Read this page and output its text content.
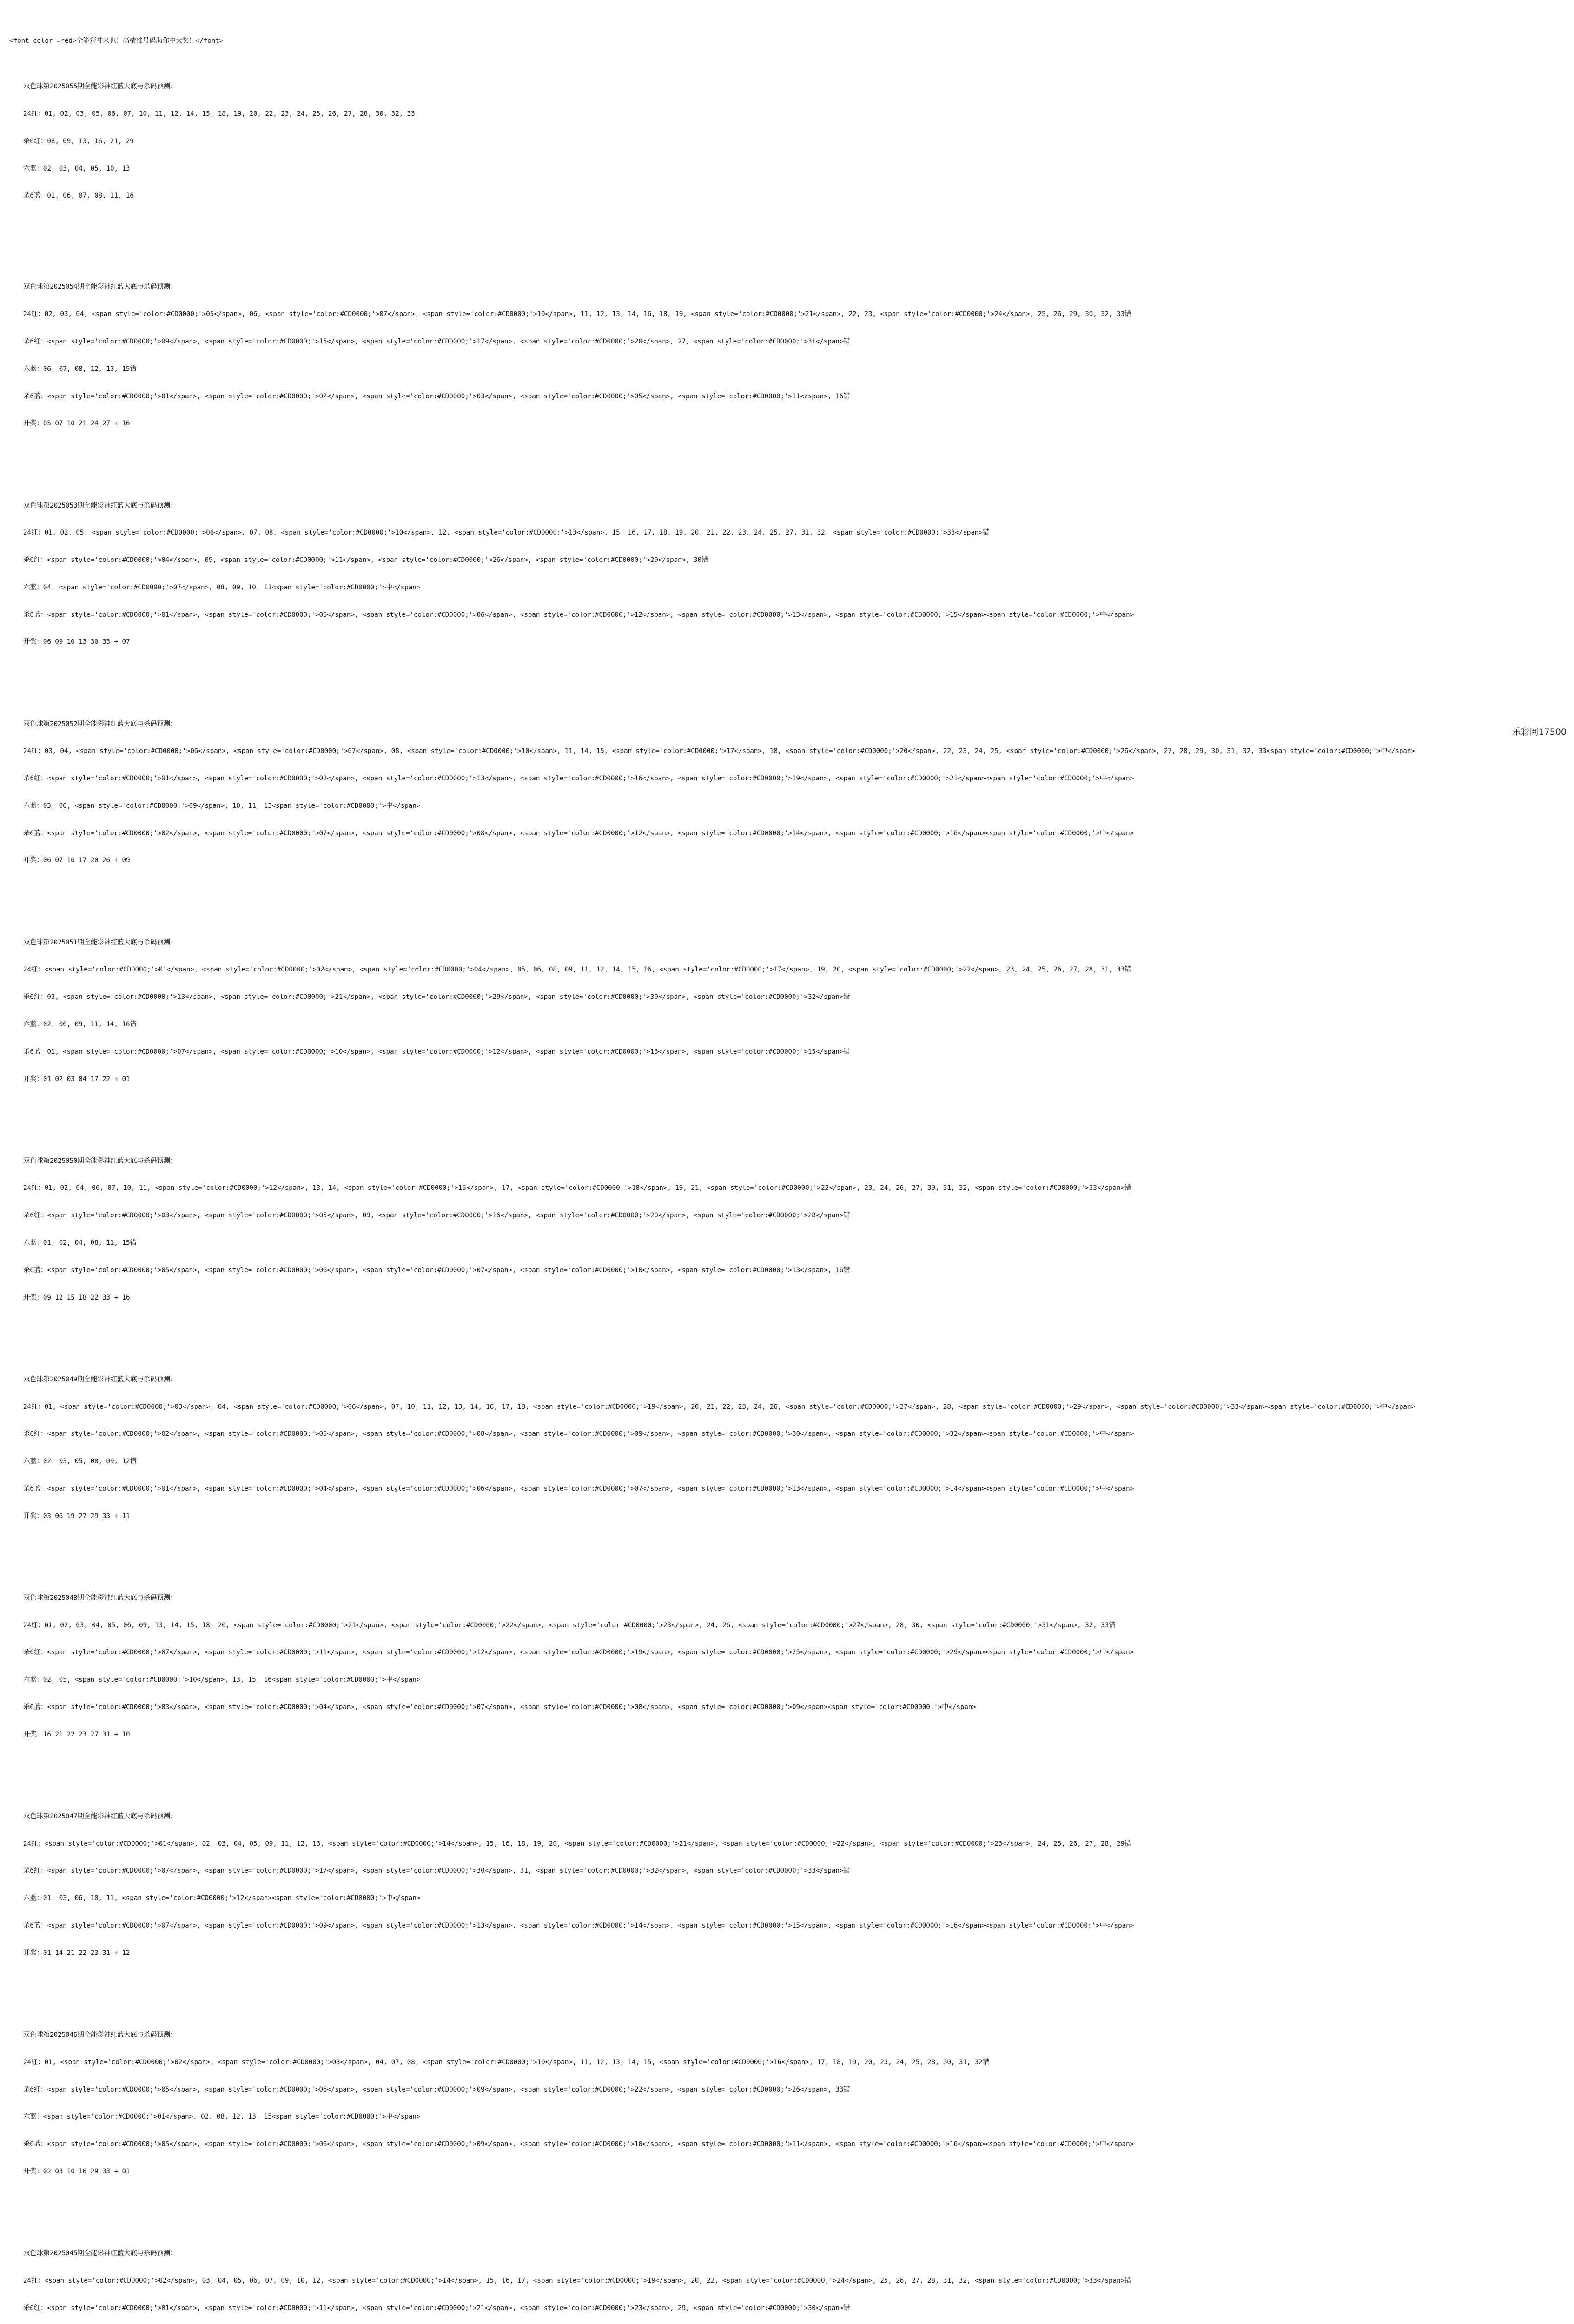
<font color =red>全能彩神来也！高精准号码助你中大奖！</font>

双色球第2025055期全能彩神红蓝大底与杀码预测：

24红：01, 02, 03, 05, 06, 07, 10, 11, 12, 14, 15, 18, 19, 20, 22, 23, 24, 25, 26, 27, 28, 30, 32, 33

杀6红：08, 09, 13, 16, 21, 29

六蓝：02, 03, 04, 05, 10, 13

杀6蓝：01, 06, 07, 08, 11, 16

双色球第2025054期全能彩神红蓝大底与杀码预测：

24红：02, 03, 04, <span style='color:#CD0000;'>05</span>, 06, <span style='color:#CD0000;'>07</span>, <span style='color:#CD0000;'>10</span>, 11, 12, 13, 14, 16, 18, 19, <span style='color:#CD0000;'>21</span>, 22, 23, <span style='color:#CD0000;'>24</span>, 25, 26, 29, 30, 32, 33错

杀6红：<span style='color:#CD0000;'>09</span>, <span style='color:#CD0000;'>15</span>, <span style='color:#CD0000;'>17</span>, <span style='color:#CD0000;'>20</span>, 27, <span style='color:#CD0000;'>31</span>错

六蓝：06, 07, 08, 12, 13, 15错

杀6蓝：<span style='color:#CD0000;'>01</span>, <span style='color:#CD0000;'>02</span>, <span style='color:#CD0000;'>03</span>, <span style='color:#CD0000;'>05</span>, <span style='color:#CD0000;'>11</span>, 16错

开奖：05 07 10 21 24 27 + 16

双色球第2025053期全能彩神红蓝大底与杀码预测：

24红：01, 02, 05, <span style='color:#CD0000;'>06</span>, 07, 08, <span style='color:#CD0000;'>10</span>, 12, <span style='color:#CD0000;'>13</span>, 15, 16, 17, 18, 19, 20, 21, 22, 23, 24, 25, 27, 31, 32, <span style='color:#CD0000;'>33</span>错

杀6红：<span style='color:#CD0000;'>04</span>, 09, <span style='color:#CD0000;'>11</span>, <span style='color:#CD0000;'>26</span>, <span style='color:#CD0000;'>29</span>, 30错

六蓝：04, <span style='color:#CD0000;'>07</span>, 08, 09, 10, 11<span style='color:#CD0000;'>中</span>

杀6蓝：<span style='color:#CD0000;'>01</span>, <span style='color:#CD0000;'>05</span>, <span style='color:#CD0000;'>06</span>, <span style='color:#CD0000;'>12</span>, <span style='color:#CD0000;'>13</span>, <span style='color:#CD0000;'>15</span><span style='color:#CD0000;'>中</span>

开奖：06 09 10 13 30 33 + 07

双色球第2025052期全能彩神红蓝大底与杀码预测：

24红：03, 04, <span style='color:#CD0000;'>06</span>, <span style='color:#CD0000;'>07</span>, 08, <span style='color:#CD0000;'>10</span>, 11, 14, 15, <span style='color:#CD0000;'>17</span>, 18, <span style='color:#CD0000;'>20</span>, 22, 23, 24, 25, <span style='color:#CD0000;'>26</span>, 27, 28, 29, 30, 31, 32, 33<span style='color:#CD0000;'>中</span>

杀6红：<span style='color:#CD0000;'>01</span>, <span style='color:#CD0000;'>02</span>, <span style='color:#CD0000;'>13</span>, <span style='color:#CD0000;'>16</span>, <span style='color:#CD0000;'>19</span>, <span style='color:#CD0000;'>21</span><span style='color:#CD0000;'>中</span>

六蓝：03, 06, <span style='color:#CD0000;'>09</span>, 10, 11, 13<span style='color:#CD0000;'>中</span>

杀6蓝：<span style='color:#CD0000;'>02</span>, <span style='color:#CD0000;'>07</span>, <span style='color:#CD0000;'>08</span>, <span style='color:#CD0000;'>12</span>, <span style='color:#CD0000;'>14</span>, <span style='color:#CD0000;'>16</span><span style='color:#CD0000;'>中</span>

开奖：06 07 10 17 20 26 + 09

双色球第2025051期全能彩神红蓝大底与杀码预测：

24红：<span style='color:#CD0000;'>01</span>, <span style='color:#CD0000;'>02</span>, <span style='color:#CD0000;'>04</span>, 05, 06, 08, 09, 11, 12, 14, 15, 16, <span style='color:#CD0000;'>17</span>, 19, 20, <span style='color:#CD0000;'>22</span>, 23, 24, 25, 26, 27, 28, 31, 33错

杀6红：03, <span style='color:#CD0000;'>13</span>, <span style='color:#CD0000;'>21</span>, <span style='color:#CD0000;'>29</span>, <span style='color:#CD0000;'>30</span>, <span style='color:#CD0000;'>32</span>错

六蓝：02, 06, 09, 11, 14, 16错

杀6蓝：01, <span style='color:#CD0000;'>07</span>, <span style='color:#CD0000;'>10</span>, <span style='color:#CD0000;'>12</span>, <span style='color:#CD0000;'>13</span>, <span style='color:#CD0000;'>15</span>错

开奖：01 02 03 04 17 22 + 01

双色球第2025050期全能彩神红蓝大底与杀码预测：

24红：01, 02, 04, 06, 07, 10, 11, <span style='color:#CD0000;'>12</span>, 13, 14, <span style='color:#CD0000;'>15</span>, 17, <span style='color:#CD0000;'>18</span>, 19, 21, <span style='color:#CD0000;'>22</span>, 23, 24, 26, 27, 30, 31, 32, <span style='color:#CD0000;'>33</span>错

杀6红：<span style='color:#CD0000;'>03</span>, <span style='color:#CD0000;'>05</span>, 09, <span style='color:#CD0000;'>16</span>, <span style='color:#CD0000;'>20</span>, <span style='color:#CD0000;'>28</span>错

六蓝：01, 02, 04, 08, 11, 15错

杀6蓝：<span style='color:#CD0000;'>05</span>, <span style='color:#CD0000;'>06</span>, <span style='color:#CD0000;'>07</span>, <span style='color:#CD0000;'>10</span>, <span style='color:#CD0000;'>13</span>, 16错

开奖：09 12 15 18 22 33 + 16

双色球第2025049期全能彩神红蓝大底与杀码预测：

24红：01, <span style='color:#CD0000;'>03</span>, 04, <span style='color:#CD0000;'>06</span>, 07, 10, 11, 12, 13, 14, 16, 17, 18, <span style='color:#CD0000;'>19</span>, 20, 21, 22, 23, 24, 26, <span style='color:#CD0000;'>27</span>, 28, <span style='color:#CD0000;'>29</span>, <span style='color:#CD0000;'>33</span><span style='color:#CD0000;'>中</span>

杀6红：<span style='color:#CD0000;'>02</span>, <span style='color:#CD0000;'>05</span>, <span style='color:#CD0000;'>08</span>, <span style='color:#CD0000;'>09</span>, <span style='color:#CD0000;'>30</span>, <span style='color:#CD0000;'>32</span><span style='color:#CD0000;'>中</span>

六蓝：02, 03, 05, 08, 09, 12错

杀6蓝：<span style='color:#CD0000;'>01</span>, <span style='color:#CD0000;'>04</span>, <span style='color:#CD0000;'>06</span>, <span style='color:#CD0000;'>07</span>, <span style='color:#CD0000;'>13</span>, <span style='color:#CD0000;'>14</span><span style='color:#CD0000;'>中</span>

开奖：03 06 19 27 29 33 + 11

双色球第2025048期全能彩神红蓝大底与杀码预测：

24红：01, 02, 03, 04, 05, 06, 09, 13, 14, 15, 18, 20, <span style='color:#CD0000;'>21</span>, <span style='color:#CD0000;'>22</span>, <span style='color:#CD0000;'>23</span>, 24, 26, <span style='color:#CD0000;'>27</span>, 28, 30, <span style='color:#CD0000;'>31</span>, 32, 33错

杀6红：<span style='color:#CD0000;'>07</span>, <span style='color:#CD0000;'>11</span>, <span style='color:#CD0000;'>12</span>, <span style='color:#CD0000;'>19</span>, <span style='color:#CD0000;'>25</span>, <span style='color:#CD0000;'>29</span><span style='color:#CD0000;'>中</span>

六蓝：02, 05, <span style='color:#CD0000;'>10</span>, 13, 15, 16<span style='color:#CD0000;'>中</span>

杀6蓝：<span style='color:#CD0000;'>03</span>, <span style='color:#CD0000;'>04</span>, <span style='color:#CD0000;'>07</span>, <span style='color:#CD0000;'>08</span>, <span style='color:#CD0000;'>09</span><span style='color:#CD0000;'>中</span>

开奖：16 21 22 23 27 31 + 10

双色球第2025047期全能彩神红蓝大底与杀码预测：

24红：<span style='color:#CD0000;'>01</span>, 02, 03, 04, 05, 09, 11, 12, 13, <span style='color:#CD0000;'>14</span>, 15, 16, 18, 19, 20, <span style='color:#CD0000;'>21</span>, <span style='color:#CD0000;'>22</span>, <span style='color:#CD0000;'>23</span>, 24, 25, 26, 27, 28, 29错

杀6红：<span style='color:#CD0000;'>07</span>, <span style='color:#CD0000;'>17</span>, <span style='color:#CD0000;'>30</span>, 31, <span style='color:#CD0000;'>32</span>, <span style='color:#CD0000;'>33</span>错

六蓝：01, 03, 06, 10, 11, <span style='color:#CD0000;'>12</span><span style='color:#CD0000;'>中</span>

杀6蓝：<span style='color:#CD0000;'>07</span>, <span style='color:#CD0000;'>09</span>, <span style='color:#CD0000;'>13</span>, <span style='color:#CD0000;'>14</span>, <span style='color:#CD0000;'>15</span>, <span style='color:#CD0000;'>16</span><span style='color:#CD0000;'>中</span>

开奖：01 14 21 22 23 31 + 12

双色球第2025046期全能彩神红蓝大底与杀码预测：

24红：01, <span style='color:#CD0000;'>02</span>, <span style='color:#CD0000;'>03</span>, 04, 07, 08, <span style='color:#CD0000;'>10</span>, 11, 12, 13, 14, 15, <span style='color:#CD0000;'>16</span>, 17, 18, 19, 20, 23, 24, 25, 28, 30, 31, 32错

杀6红：<span style='color:#CD0000;'>05</span>, <span style='color:#CD0000;'>06</span>, <span style='color:#CD0000;'>09</span>, <span style='color:#CD0000;'>22</span>, <span style='color:#CD0000;'>26</span>, 33错

六蓝：<span style='color:#CD0000;'>01</span>, 02, 08, 12, 13, 15<span style='color:#CD0000;'>中</span>

杀6蓝：<span style='color:#CD0000;'>05</span>, <span style='color:#CD0000;'>06</span>, <span style='color:#CD0000;'>09</span>, <span style='color:#CD0000;'>10</span>, <span style='color:#CD0000;'>11</span>, <span style='color:#CD0000;'>16</span><span style='color:#CD0000;'>中</span>

开奖：02 03 10 16 29 33 + 01

双色球第2025045期全能彩神红蓝大底与杀码预测：

24红：<span style='color:#CD0000;'>02</span>, 03, 04, 05, 06, 07, 09, 10, 12, <span style='color:#CD0000;'>14</span>, 15, 16, 17, <span style='color:#CD0000;'>19</span>, 20, 22, <span style='color:#CD0000;'>24</span>, 25, 26, 27, 28, 31, 32, <span style='color:#CD0000;'>33</span>错

杀6红：<span style='color:#CD0000;'>01</span>, <span style='color:#CD0000;'>11</span>, <span style='color:#CD0000;'>21</span>, <span style='color:#CD0000;'>23</span>, 29, <span style='color:#CD0000;'>30</span>错

乐彩网17500
